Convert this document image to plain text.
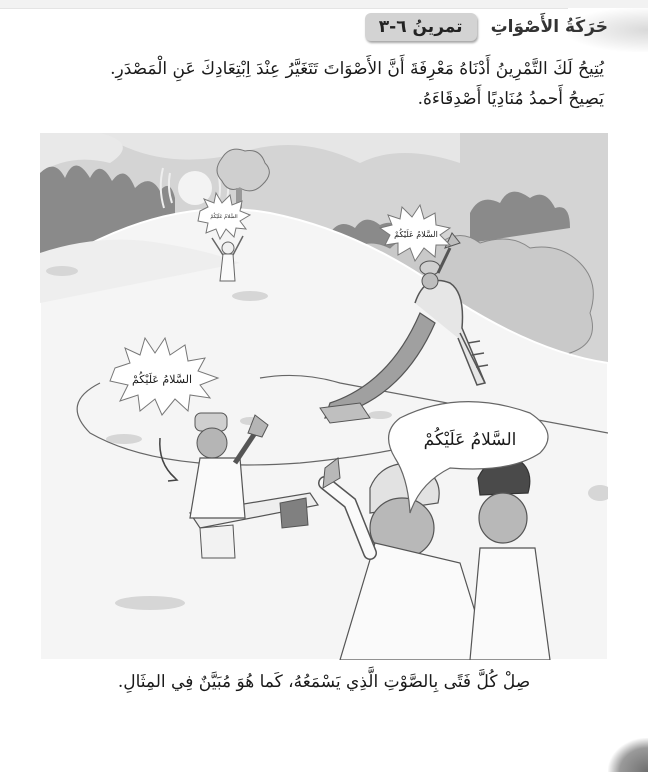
تمرينُ ٦-٣	حَرَكَةُ الأَصْوَاتِ

يُتِيحُ لَكَ التَّمْرِينُ أَدْنَاهُ مَعْرِفَةَ أَنَّ الأَصْوَاتَ تَتَغَيَّرُ عِنْدَ اِبْتِعَادِكَ عَنِ الْمَصْدَرِ.

يَصِيحُ أَحمدُ مُنَادِيًا أَصْدِقَاءَهُ.

السَّلامُ عَلَيْكُمْ
السَّلامُ عَلَيْكُمْ
السَّلامُ عَلَيْكُمْ
السَّلامُ عَلَيْكُمْ
صِلْ كُلَّ فَتًى بِالصَّوْتِ الَّذِي يَسْمَعُهُ، كَما هُوَ مُبَيَّنٌ فِي المِثَالِ.
